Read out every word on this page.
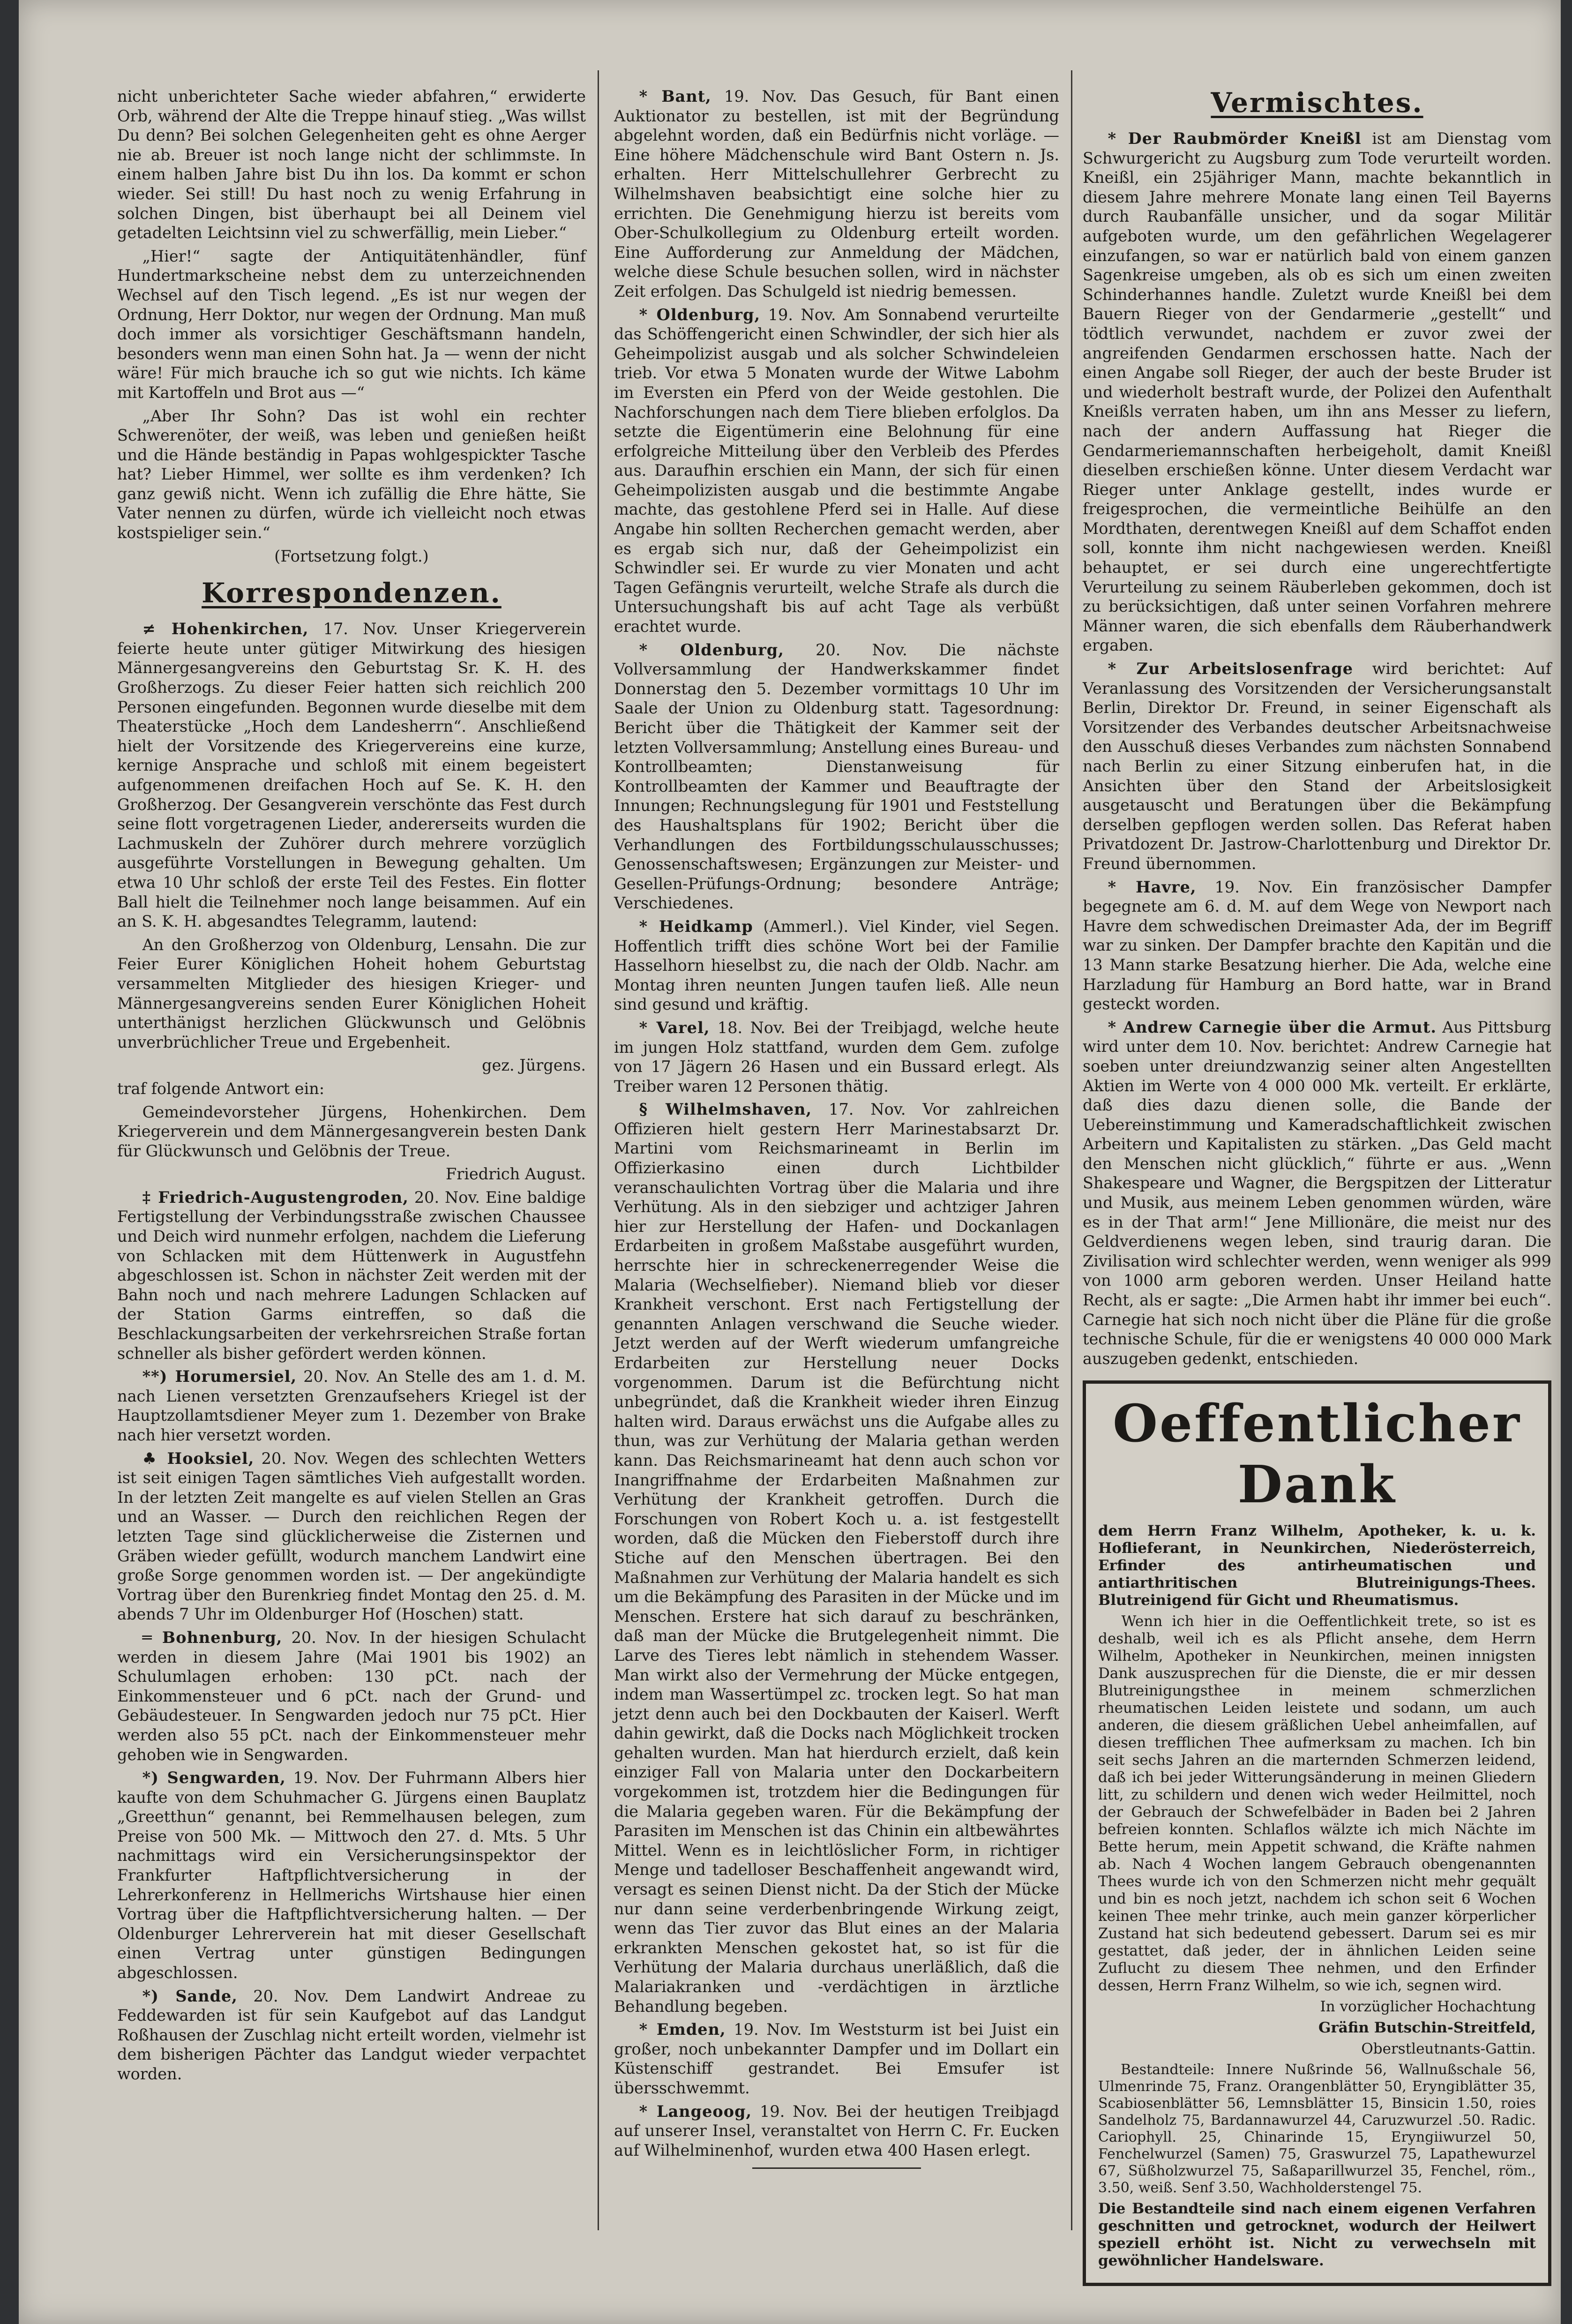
nicht unberichteter Sache wieder abfahren,“ erwiderte Orb, während der Alte die Treppe hinauf stieg. „Was willst Du denn? Bei solchen Gelegenheiten geht es ohne Aerger nie ab. Breuer ist noch lange nicht der schlimmste. In einem halben Jahre bist Du ihn los. Da kommt er schon wieder. Sei still! Du hast noch zu wenig Erfahrung in solchen Dingen, bist überhaupt bei all Deinem viel getadelten Leichtsinn viel zu schwerfällig, mein Lieber.“

„Hier!“ sagte der Antiquitätenhändler, fünf Hundertmarkscheine nebst dem zu unterzeichnenden Wechsel auf den Tisch legend. „Es ist nur wegen der Ordnung, Herr Doktor, nur wegen der Ordnung. Man muß doch immer als vorsichtiger Geschäftsmann handeln, besonders wenn man einen Sohn hat. Ja — wenn der nicht wäre! Für mich brauche ich so gut wie nichts. Ich käme mit Kartoffeln und Brot aus —“

„Aber Ihr Sohn? Das ist wohl ein rechter Schwerenöter, der weiß, was leben und genießen heißt und die Hände beständig in Papas wohlgespickter Tasche hat? Lieber Himmel, wer sollte es ihm verdenken? Ich ganz gewiß nicht. Wenn ich zufällig die Ehre hätte, Sie Vater nennen zu dürfen, würde ich vielleicht noch etwas kostspieliger sein.“

(Fortsetzung folgt.)

Korrespondenzen.

≠ Hohenkirchen, 17. Nov. Unser Kriegerverein feierte heute unter gütiger Mitwirkung des hiesigen Männergesangvereins den Geburtstag Sr. K. H. des Großherzogs. Zu dieser Feier hatten sich reichlich 200 Personen eingefunden. Begonnen wurde dieselbe mit dem Theaterstücke „Hoch dem Landesherrn“. Anschließend hielt der Vorsitzende des Kriegervereins eine kurze, kernige Ansprache und schloß mit einem begeistert aufgenommenen dreifachen Hoch auf Se. K. H. den Großherzog. Der Gesangverein verschönte das Fest durch seine flott vorgetragenen Lieder, andererseits wurden die Lachmuskeln der Zuhörer durch mehrere vorzüglich ausgeführte Vorstellungen in Bewegung gehalten. Um etwa 10 Uhr schloß der erste Teil des Festes. Ein flotter Ball hielt die Teilnehmer noch lange beisammen. Auf ein an S. K. H. abgesandtes Telegramm, lautend:

An den Großherzog von Oldenburg, Lensahn. Die zur Feier Eurer Königlichen Hoheit hohem Geburtstag versammelten Mitglieder des hiesigen Krieger- und Männergesangvereins senden Eurer Königlichen Hoheit unterthänigst herzlichen Glückwunsch und Gelöbnis unverbrüchlicher Treue und Ergebenheit.

gez. Jürgens.

traf folgende Antwort ein:

Gemeindevorsteher Jürgens, Hohenkirchen. Dem Kriegerverein und dem Männergesangverein besten Dank für Glückwunsch und Gelöbnis der Treue.

Friedrich August.

‡ Friedrich-Augustengroden, 20. Nov. Eine baldige Fertigstellung der Verbindungsstraße zwischen Chaussee und Deich wird nunmehr erfolgen, nachdem die Lieferung von Schlacken mit dem Hüttenwerk in Augustfehn abgeschlossen ist. Schon in nächster Zeit werden mit der Bahn noch und nach mehrere Ladungen Schlacken auf der Station Garms eintreffen, so daß die Beschlackungsarbeiten der verkehrsreichen Straße fortan schneller als bisher gefördert werden können.

**) Horumersiel, 20. Nov. An Stelle des am 1. d. M. nach Lienen versetzten Grenzaufsehers Kriegel ist der Hauptzollamtsdiener Meyer zum 1. Dezember von Brake nach hier versetzt worden.

♣ Hooksiel, 20. Nov. Wegen des schlechten Wetters ist seit einigen Tagen sämtliches Vieh aufgestallt worden. In der letzten Zeit mangelte es auf vielen Stellen an Gras und an Wasser. — Durch den reichlichen Regen der letzten Tage sind glücklicherweise die Zisternen und Gräben wieder gefüllt, wodurch manchem Landwirt eine große Sorge genommen worden ist. — Der angekündigte Vortrag über den Burenkrieg findet Montag den 25. d. M. abends 7 Uhr im Oldenburger Hof (Hoschen) statt.

═ Bohnenburg, 20. Nov. In der hiesigen Schulacht werden in diesem Jahre (Mai 1901 bis 1902) an Schulumlagen erhoben: 130 pCt. nach der Einkommensteuer und 6 pCt. nach der Grund- und Gebäudesteuer. In Sengwarden jedoch nur 75 pCt. Hier werden also 55 pCt. nach der Einkommensteuer mehr gehoben wie in Sengwarden.

*) Sengwarden, 19. Nov. Der Fuhrmann Albers hier kaufte von dem Schuhmacher G. Jürgens einen Bauplatz „Greetthun“ genannt, bei Remmelhausen belegen, zum Preise von 500 Mk. — Mittwoch den 27. d. Mts. 5 Uhr nachmittags wird ein Versicherungsinspektor der Frankfurter Haftpflichtversicherung in der Lehrerkonferenz in Hellmerichs Wirtshause hier einen Vortrag über die Haftpflichtversicherung halten. — Der Oldenburger Lehrerverein hat mit dieser Gesellschaft einen Vertrag unter günstigen Bedingungen abgeschlossen.

*) Sande, 20. Nov. Dem Landwirt Andreae zu Feddewarden ist für sein Kaufgebot auf das Landgut Roßhausen der Zuschlag nicht erteilt worden, vielmehr ist dem bisherigen Pächter das Landgut wieder verpachtet worden.

* Bant, 19. Nov. Das Gesuch, für Bant einen Auktionator zu bestellen, ist mit der Begründung abgelehnt worden, daß ein Bedürfnis nicht vorläge. — Eine höhere Mädchenschule wird Bant Ostern n. Js. erhalten. Herr Mittelschullehrer Gerbrecht zu Wilhelmshaven beabsichtigt eine solche hier zu errichten. Die Genehmigung hierzu ist bereits vom Ober-Schulkollegium zu Oldenburg erteilt worden. Eine Aufforderung zur Anmeldung der Mädchen, welche diese Schule besuchen sollen, wird in nächster Zeit erfolgen. Das Schulgeld ist niedrig bemessen.

* Oldenburg, 19. Nov. Am Sonnabend verurteilte das Schöffengericht einen Schwindler, der sich hier als Geheimpolizist ausgab und als solcher Schwindeleien trieb. Vor etwa 5 Monaten wurde der Witwe Labohm im Eversten ein Pferd von der Weide gestohlen. Die Nachforschungen nach dem Tiere blieben erfolglos. Da setzte die Eigentümerin eine Belohnung für eine erfolgreiche Mitteilung über den Verbleib des Pferdes aus. Daraufhin erschien ein Mann, der sich für einen Geheimpolizisten ausgab und die bestimmte Angabe machte, das gestohlene Pferd sei in Halle. Auf diese Angabe hin sollten Recherchen gemacht werden, aber es ergab sich nur, daß der Geheimpolizist ein Schwindler sei. Er wurde zu vier Monaten und acht Tagen Gefängnis verurteilt, welche Strafe als durch die Untersuchungshaft bis auf acht Tage als verbüßt erachtet wurde.

* Oldenburg, 20. Nov. Die nächste Vollversammlung der Handwerkskammer findet Donnerstag den 5. Dezember vormittags 10 Uhr im Saale der Union zu Oldenburg statt. Tagesordnung: Bericht über die Thätigkeit der Kammer seit der letzten Vollversammlung; Anstellung eines Bureau- und Kontrollbeamten; Dienstanweisung für Kontrollbeamten der Kammer und Beauftragte der Innungen; Rechnungslegung für 1901 und Feststellung des Haushaltsplans für 1902; Bericht über die Verhandlungen des Fortbildungsschulausschusses; Genossenschaftswesen; Ergänzungen zur Meister- und Gesellen-Prüfungs-Ordnung; besondere Anträge; Verschiedenes.

* Heidkamp (Ammerl.). Viel Kinder, viel Segen. Hoffentlich trifft dies schöne Wort bei der Familie Hasselhorn hieselbst zu, die nach der Oldb. Nachr. am Montag ihren neunten Jungen taufen ließ. Alle neun sind gesund und kräftig.

* Varel, 18. Nov. Bei der Treibjagd, welche heute im jungen Holz stattfand, wurden dem Gem. zufolge von 17 Jägern 26 Hasen und ein Bussard erlegt. Als Treiber waren 12 Personen thätig.

§ Wilhelmshaven, 17. Nov. Vor zahlreichen Offizieren hielt gestern Herr Marinestabsarzt Dr. Martini vom Reichsmarineamt in Berlin im Offizierkasino einen durch Lichtbilder veranschaulichten Vortrag über die Malaria und ihre Verhütung. Als in den siebziger und achtziger Jahren hier zur Herstellung der Hafen- und Dockanlagen Erdarbeiten in großem Maßstabe ausgeführt wurden, herrschte hier in schreckenerregender Weise die Malaria (Wechselfieber). Niemand blieb vor dieser Krankheit verschont. Erst nach Fertigstellung der genannten Anlagen verschwand die Seuche wieder. Jetzt werden auf der Werft wiederum umfangreiche Erdarbeiten zur Herstellung neuer Docks vorgenommen. Darum ist die Befürchtung nicht unbegründet, daß die Krankheit wieder ihren Einzug halten wird. Daraus erwächst uns die Aufgabe alles zu thun, was zur Verhütung der Malaria gethan werden kann. Das Reichsmarineamt hat denn auch schon vor Inangriffnahme der Erdarbeiten Maßnahmen zur Verhütung der Krankheit getroffen. Durch die Forschungen von Robert Koch u. a. ist festgestellt worden, daß die Mücken den Fieberstoff durch ihre Stiche auf den Menschen übertragen. Bei den Maßnahmen zur Verhütung der Malaria handelt es sich um die Bekämpfung des Parasiten in der Mücke und im Menschen. Erstere hat sich darauf zu beschränken, daß man der Mücke die Brutgelegenheit nimmt. Die Larve des Tieres lebt nämlich in stehendem Wasser. Man wirkt also der Vermehrung der Mücke entgegen, indem man Wassertümpel zc. trocken legt. So hat man jetzt denn auch bei den Dockbauten der Kaiserl. Werft dahin gewirkt, daß die Docks nach Möglichkeit trocken gehalten wurden. Man hat hierdurch erzielt, daß kein einziger Fall von Malaria unter den Dockarbeitern vorgekommen ist, trotzdem hier die Bedingungen für die Malaria gegeben waren. Für die Bekämpfung der Parasiten im Menschen ist das Chinin ein altbewährtes Mittel. Wenn es in leichtlöslicher Form, in richtiger Menge und tadelloser Beschaffenheit angewandt wird, versagt es seinen Dienst nicht. Da der Stich der Mücke nur dann seine verderbenbringende Wirkung zeigt, wenn das Tier zuvor das Blut eines an der Malaria erkrankten Menschen gekostet hat, so ist für die Verhütung der Malaria durchaus unerläßlich, daß die Malariakranken und -verdächtigen in ärztliche Behandlung begeben.

* Emden, 19. Nov. Im Weststurm ist bei Juist ein großer, noch unbekannter Dampfer und im Dollart ein Küstenschiff gestrandet. Bei Emsufer ist übersschwemmt.

* Langeoog, 19. Nov. Bei der heutigen Treibjagd auf unserer Insel, veranstaltet von Herrn C. Fr. Eucken auf Wilhelminenhof, wurden etwa 400 Hasen erlegt.

Vermischtes.

* Der Raubmörder Kneißl ist am Dienstag vom Schwurgericht zu Augsburg zum Tode verurteilt worden. Kneißl, ein 25jähriger Mann, machte bekanntlich in diesem Jahre mehrere Monate lang einen Teil Bayerns durch Raubanfälle unsicher, und da sogar Militär aufgeboten wurde, um den gefährlichen Wegelagerer einzufangen, so war er natürlich bald von einem ganzen Sagenkreise umgeben, als ob es sich um einen zweiten Schinderhannes handle. Zuletzt wurde Kneißl bei dem Bauern Rieger von der Gendarmerie „gestellt“ und tödtlich verwundet, nachdem er zuvor zwei der angreifenden Gendarmen erschossen hatte. Nach der einen Angabe soll Rieger, der auch der beste Bruder ist und wiederholt bestraft wurde, der Polizei den Aufenthalt Kneißls verraten haben, um ihn ans Messer zu liefern, nach der andern Auffassung hat Rieger die Gendarmeriemannschaften herbeigeholt, damit Kneißl dieselben erschießen könne. Unter diesem Verdacht war Rieger unter Anklage gestellt, indes wurde er freigesprochen, die vermeintliche Beihülfe an den Mordthaten, derentwegen Kneißl auf dem Schaffot enden soll, konnte ihm nicht nachgewiesen werden. Kneißl behauptet, er sei durch eine ungerechtfertigte Verurteilung zu seinem Räuberleben gekommen, doch ist zu berücksichtigen, daß unter seinen Vorfahren mehrere Männer waren, die sich ebenfalls dem Räuberhandwerk ergaben.

* Zur Arbeitslosenfrage wird berichtet: Auf Veranlassung des Vorsitzenden der Versicherungsanstalt Berlin, Direktor Dr. Freund, in seiner Eigenschaft als Vorsitzender des Verbandes deutscher Arbeitsnachweise den Ausschuß dieses Verbandes zum nächsten Sonnabend nach Berlin zu einer Sitzung einberufen hat, in die Ansichten über den Stand der Arbeitslosigkeit ausgetauscht und Beratungen über die Bekämpfung derselben gepflogen werden sollen. Das Referat haben Privatdozent Dr. Jastrow-Charlottenburg und Direktor Dr. Freund übernommen.

* Havre, 19. Nov. Ein französischer Dampfer begegnete am 6. d. M. auf dem Wege von Newport nach Havre dem schwedischen Dreimaster Ada, der im Begriff war zu sinken. Der Dampfer brachte den Kapitän und die 13 Mann starke Besatzung hierher. Die Ada, welche eine Harzladung für Hamburg an Bord hatte, war in Brand gesteckt worden.

* Andrew Carnegie über die Armut. Aus Pittsburg wird unter dem 10. Nov. berichtet: Andrew Carnegie hat soeben unter dreiundzwanzig seiner alten Angestellten Aktien im Werte von 4 000 000 Mk. verteilt. Er erklärte, daß dies dazu dienen solle, die Bande der Uebereinstimmung und Kameradschaftlichkeit zwischen Arbeitern und Kapitalisten zu stärken. „Das Geld macht den Menschen nicht glücklich,“ führte er aus. „Wenn Shakespeare und Wagner, die Bergspitzen der Litteratur und Musik, aus meinem Leben genommen würden, wäre es in der That arm!“ Jene Millionäre, die meist nur des Geldverdienens wegen leben, sind traurig daran. Die Zivilisation wird schlechter werden, wenn weniger als 999 von 1000 arm geboren werden. Unser Heiland hatte Recht, als er sagte: „Die Armen habt ihr immer bei euch“. Carnegie hat sich noch nicht über die Pläne für die große technische Schule, für die er wenigstens 40 000 000 Mark auszugeben gedenkt, entschieden.

Oeffentlicher Dank

dem Herrn Franz Wilhelm, Apotheker, k. u. k. Hoflieferant, in Neunkirchen, Niederösterreich, Erfinder des antirheumatischen und antiarthritischen Blutreinigungs-Thees. Blutreinigend für Gicht und Rheumatismus.

Wenn ich hier in die Oeffentlichkeit trete, so ist es deshalb, weil ich es als Pflicht ansehe, dem Herrn Wilhelm, Apotheker in Neunkirchen, meinen innigsten Dank auszusprechen für die Dienste, die er mir dessen Blutreinigungsthee in meinem schmerzlichen rheumatischen Leiden leistete und sodann, um auch anderen, die diesem gräßlichen Uebel anheimfallen, auf diesen trefflichen Thee aufmerksam zu machen. Ich bin seit sechs Jahren an die marternden Schmerzen leidend, daß ich bei jeder Witterungsänderung in meinen Gliedern litt, zu schildern und denen wich weder Heilmittel, noch der Gebrauch der Schwefelbäder in Baden bei 2 Jahren befreien konnten. Schlaflos wälzte ich mich Nächte im Bette herum, mein Appetit schwand, die Kräfte nahmen ab. Nach 4 Wochen langem Gebrauch obengenannten Thees wurde ich von den Schmerzen nicht mehr gequält und bin es noch jetzt, nachdem ich schon seit 6 Wochen keinen Thee mehr trinke, auch mein ganzer körperlicher Zustand hat sich bedeutend gebessert. Darum sei es mir gestattet, daß jeder, der in ähnlichen Leiden seine Zuflucht zu diesem Thee nehmen, und den Erfinder dessen, Herrn Franz Wilhelm, so wie ich, segnen wird.

In vorzüglicher Hochachtung

Gräfin Butschin-Streitfeld,

Oberstleutnants-Gattin.

Bestandteile: Innere Nußrinde 56, Wallnußschale 56, Ulmenrinde 75, Franz. Orangenblätter 50, Eryngiblätter 35, Scabiosenblätter 56, Lemnsblätter 15, Binsicin 1.50, roies Sandelholz 75, Bardannawurzel 44, Caruzwurzel .50. Radic. Cariophyll. 25, Chinarinde 15, Eryngiiwurzel 50, Fenchelwurzel (Samen) 75, Graswurzel 75, Lapathewurzel 67, Süßholzwurzel 75, Saßaparillwurzel 35, Fenchel, röm., 3.50, weiß. Senf 3.50, Wachholderstengel 75.

Die Bestandteile sind nach einem eigenen Verfahren geschnitten und getrocknet, wodurch der Heilwert speziell erhöht ist. Nicht zu verwechseln mit gewöhnlicher Handelsware.
